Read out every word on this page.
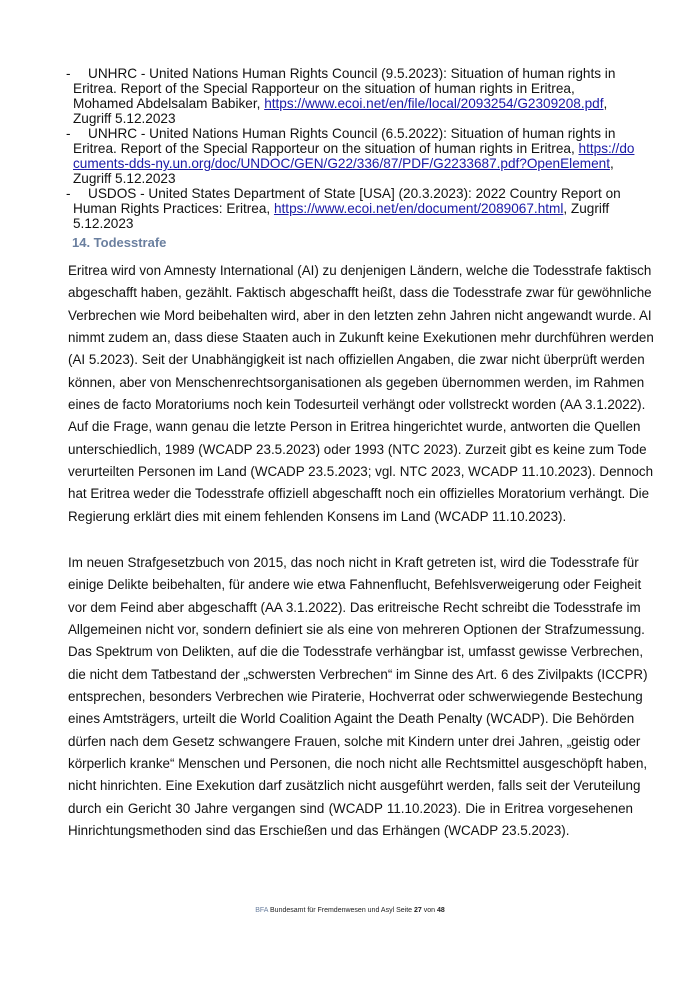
-	UNHRC - United Nations Human Rights Council (9.5.2023): Situation of human rights in
Eritrea. Report of the Special Rapporteur on the situation of human rights in Eritrea, Mohamed Abdelsalam Babiker, https://www.ecoi.net/en/file/local/2093254/G2309208.pdf, Zugriff 5.12.2023
-	UNHRC - United Nations Human Rights Council (6.5.2022): Situation of human rights in
Eritrea. Report of the Special Rapporteur on the situation of human rights in Eritrea, https://documents-dds-ny.un.org/doc/UNDOC/GEN/G22/336/87/PDF/G2233687.pdf?OpenElement, Zugriff 5.12.2023
-	USDOS - United States Department of State [USA] (20.3.2023): 2022 Country Report on
Human Rights Practices: Eritrea, https://www.ecoi.net/en/document/2089067.html, Zugriff 5.12.2023
14. Todesstrafe
Eritrea wird von Amnesty International (AI) zu denjenigen Ländern, welche die Todesstrafe faktisch
abgeschafft haben, gezählt. Faktisch abgeschafft heißt, dass die Todesstrafe zwar für gewöhnliche
Verbrechen wie Mord beibehalten wird, aber in den letzten zehn Jahren nicht angewandt wurde. AI
nimmt zudem an, dass diese Staaten auch in Zukunft keine Exekutionen mehr durchführen werden
(AI 5.2023). Seit der Unabhängigkeit ist nach offiziellen Angaben, die zwar nicht überprüft werden
können, aber von Menschenrechtsorganisationen als gegeben übernommen werden, im Rahmen
eines de facto Moratoriums noch kein Todesurteil verhängt oder vollstreckt worden (AA 3.1.2022).
Auf die Frage, wann genau die letzte Person in Eritrea hingerichtet wurde, antworten die Quellen
unterschiedlich, 1989 (WCADP 23.5.2023) oder 1993 (NTC 2023). Zurzeit gibt es keine zum Tode
verurteilten Personen im Land (WCADP 23.5.2023; vgl. NTC 2023, WCADP 11.10.2023). Dennoch
hat Eritrea weder die Todesstrafe offiziell abgeschafft noch ein offizielles Moratorium verhängt. Die
Regierung erklärt dies mit einem fehlenden Konsens im Land (WCADP 11.10.2023).
Im neuen Strafgesetzbuch von 2015, das noch nicht in Kraft getreten ist, wird die Todesstrafe für
einige Delikte beibehalten, für andere wie etwa Fahnenflucht, Befehlsverweigerung oder Feigheit
vor dem Feind aber abgeschafft (AA 3.1.2022). Das eritreische Recht schreibt die Todesstrafe im
Allgemeinen nicht vor, sondern definiert sie als eine von mehreren Optionen der Strafzumessung.
Das Spektrum von Delikten, auf die die Todesstrafe verhängbar ist, umfasst gewisse Verbrechen,
die nicht dem Tatbestand der „schwersten Verbrechen“ im Sinne des Art. 6 des Zivilpakts (ICCPR)
entsprechen, besonders Verbrechen wie Piraterie, Hochverrat oder schwerwiegende Bestechung
eines Amtsträgers, urteilt die World Coalition Againt the Death Penalty (WCADP). Die Behörden
dürfen nach dem Gesetz schwangere Frauen, solche mit Kindern unter drei Jahren, „geistig oder
körperlich kranke“ Menschen und Personen, die noch nicht alle Rechtsmittel ausgeschöpft haben,
nicht hinrichten. Eine Exekution darf zusätzlich nicht ausgeführt werden, falls seit der Veruteilung
durch ein Gericht 30 Jahre vergangen sind (WCADP 11.10.2023). Die in Eritrea vorgesehenen
Hinrichtungsmethoden sind das Erschießen und das Erhängen (WCADP 23.5.2023).
BFA Bundesamt für Fremdenwesen und Asyl Seite 27 von 48
